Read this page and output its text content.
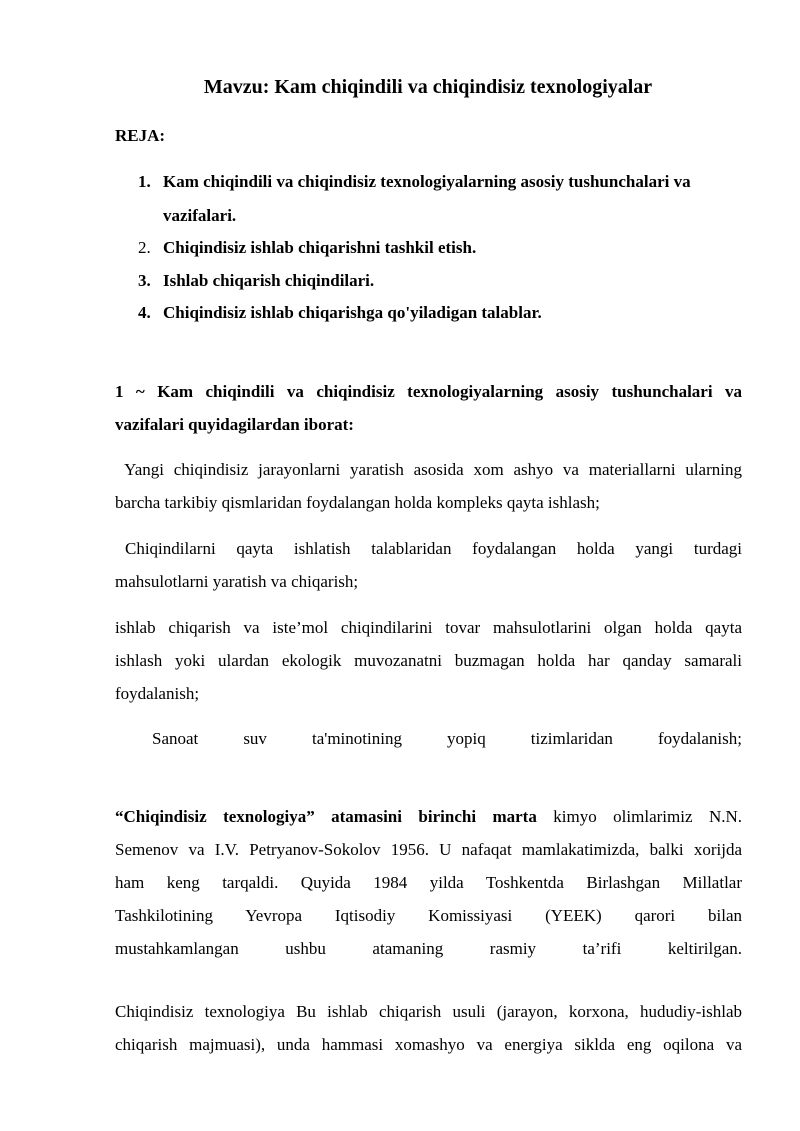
Mavzu: Kam chiqindili va chiqindisiz texnologiyalar
REJA:
1. Kam chiqindili va chiqindisiz texnologiyalarning asosiy tushunchalari va
vazifalari.
2. Chiqindisiz ishlab chiqarishni tashkil etish.
3. Ishlab chiqarish chiqindilari.
4. Chiqindisiz ishlab chiqarishga qo'yiladigan talablar.
1 ~ Kam chiqindili va chiqindisiz texnologiyalarning asosiy tushunchalari va
vazifalari quyidagilardan iborat:
Yangi chiqindisiz jarayonlarni yaratish asosida xom ashyo va materiallarni ularning
barcha tarkibiy qismlaridan foydalangan holda kompleks qayta ishlash;
Chiqindilarni qayta ishlatish talablaridan foydalangan holda yangi turdagi
mahsulotlarni yaratish va chiqarish;
ishlab chiqarish va iste’mol chiqindilarini tovar mahsulotlarini olgan holda qayta
ishlash yoki ulardan ekologik muvozanatni buzmagan holda har qanday samarali
foydalanish;
Sanoat suv ta'minotining yopiq tizimlaridan foydalanish;
“Chiqindisiz texnologiya” atamasini birinchi marta kimyo olimlarimiz N.N.
Semenov va I.V. Petryanov-Sokolov 1956. U nafaqat mamlakatimizda, balki xorijda
ham keng tarqaldi. Quyida 1984 yilda Toshkentda Birlashgan Millatlar
Tashkilotining Yevropa Iqtisodiy Komissiyasi (YEEK) qarori bilan
mustahkamlangan ushbu atamaning rasmiy ta’rifi keltirilgan.
Chiqindisiz texnologiya Bu ishlab chiqarish usuli (jarayon, korxona, hududiy-ishlab
chiqarish majmuasi), unda hammasi xomashyo va energiya siklda eng oqilona va
